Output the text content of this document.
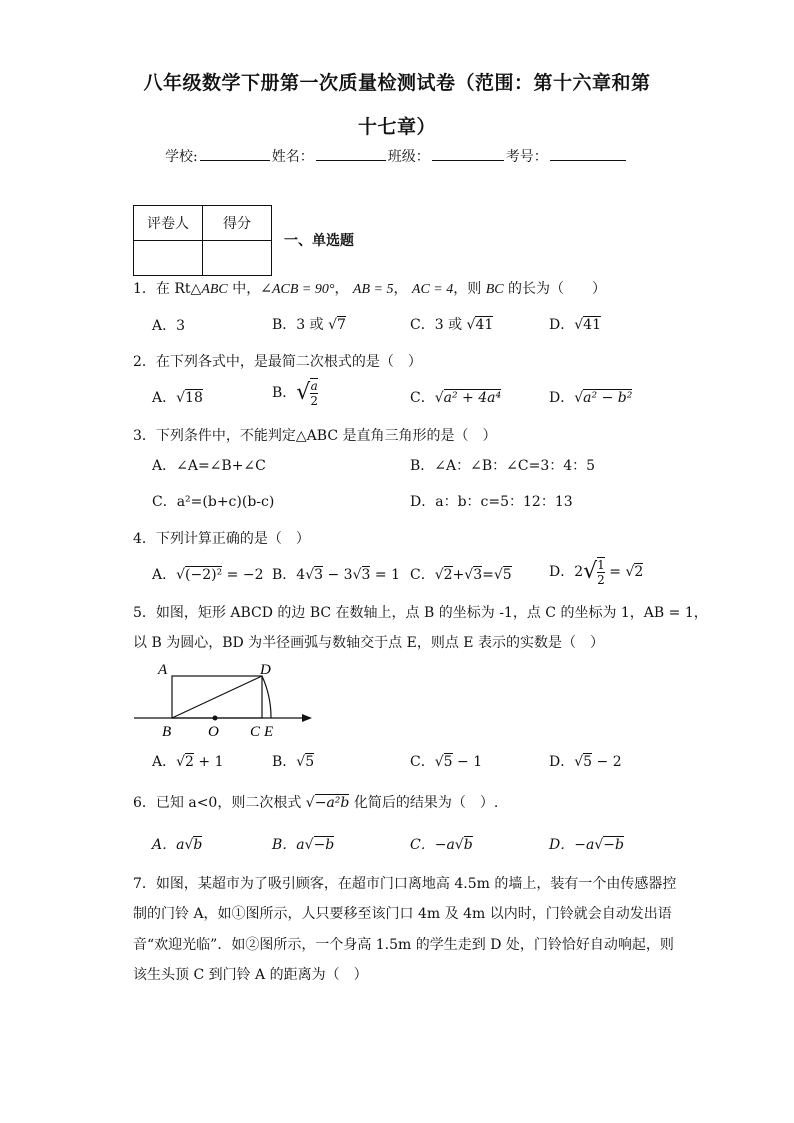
八年级数学下册第一次质量检测试卷（范围：第十六章和第
十七章）
学校:	姓名：	班级：	考号：
评卷人	得分

一、单选题
1．在 Rt△ABC 中，∠ACB = 90°， AB = 5， AC = 4，则 BC 的长为（　　）
A．3	B．3 或 √7	C．3 或 √41	D．√41
2．在下列各式中，是最简二次根式的是（　）
A．√18	B．√ $\frac{a}{2}$	C．√a² + 4a⁴	D．√a² − b²
3．下列条件中，不能判定△ABC 是直角三角形的是（　）
A．∠A=∠B+∠C	B．∠A：∠B：∠C=3：4：5
C．a²=(b+c)(b-c)	D．a：b：c=5：12：13
4．下列计算正确的是（　）
A．√(−2)² = −2 B．4√3 − 3√3 = 1 C．√2+√3=√5	D．$2√ \frac{1}{2} = √2$
5．如图，矩形 ABCD 的边 BC 在数轴上，点 B 的坐标为 -1，点 C 的坐标为 1，AB = 1，
以 B 为圆心，BD 为半径画弧与数轴交于点 E，则点 E 表示的实数是（　）
A	D
B O C E
A．√2 + 1	B．√5	C．√5 − 1	D．√5 − 2
6．已知 a<0，则二次根式 √−a²b 化简后的结果为（　）.
A．a√b	B．a√−b	C．−a√b	D．−a√−b
7．如图，某超市为了吸引顾客，在超市门口离地高 4.5m 的墙上，装有一个由传感器控
制的门铃 A，如①图所示，人只要移至该门口 4m 及 4m 以内时，门铃就会自动发出语
音“欢迎光临”．如②图所示，一个身高 1.5m 的学生走到 D 处，门铃恰好自动响起，则
该生头顶 C 到门铃 A 的距离为（　）
